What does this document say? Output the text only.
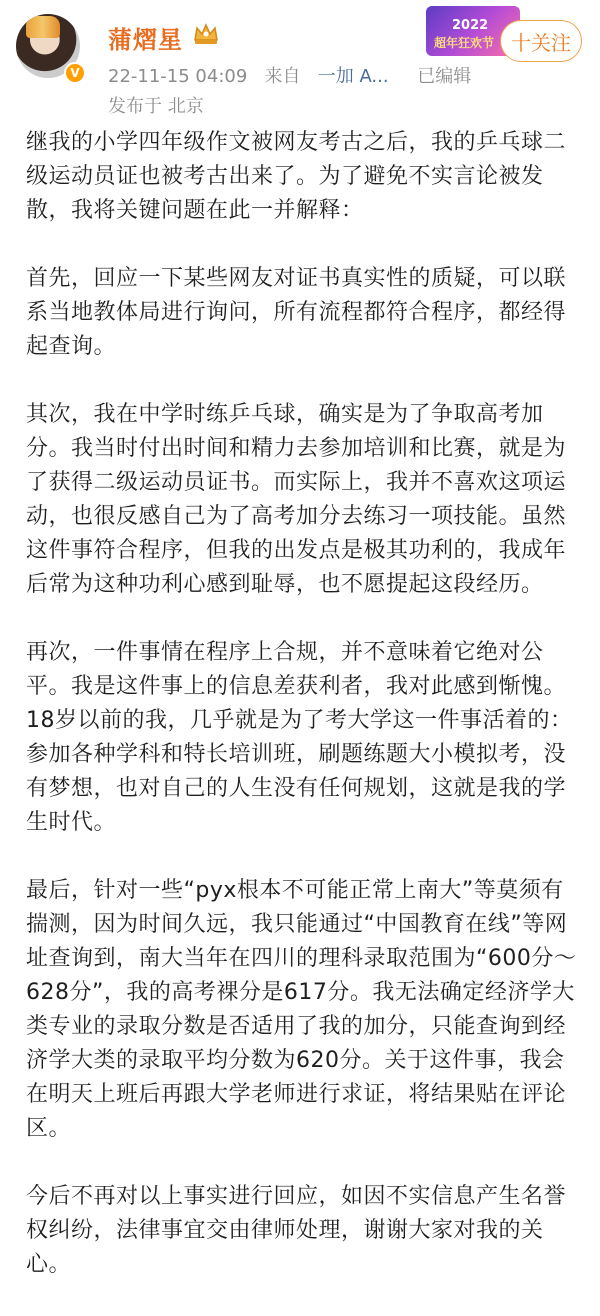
V
蒲熠星
22-11-15 04:09 来自 一加 A... 已编辑
发布于 北京
2022
超年狂欢节 十关注

继我的小学四年级作文被网友考古之后，我的乒乓球二级运动员证也被考古出来了。为了避免不实言论被发散，我将关键问题在此一并解释：

首先，回应一下某些网友对证书真实性的质疑，可以联系当地教体局进行询问，所有流程都符合程序，都经得起查询。

其次，我在中学时练乒乓球，确实是为了争取高考加分。我当时付出时间和精力去参加培训和比赛，就是为了获得二级运动员证书。而实际上，我并不喜欢这项运动，也很反感自己为了高考加分去练习一项技能。虽然这件事符合程序，但我的出发点是极其功利的，我成年后常为这种功利心感到耻辱，也不愿提起这段经历。

再次，一件事情在程序上合规，并不意味着它绝对公平。我是这件事上的信息差获利者，我对此感到惭愧。18岁以前的我，几乎就是为了考大学这一件事活着的：参加各种学科和特长培训班，刷题练题大小模拟考，没有梦想，也对自己的人生没有任何规划，这就是我的学生时代。

最后，针对一些“pyx根本不可能正常上南大”等莫须有揣测，因为时间久远，我只能通过“中国教育在线”等网址查询到，南大当年在四川的理科录取范围为“600分～628分”，我的高考裸分是617分。我无法确定经济学大类专业的录取分数是否适用了我的加分，只能查询到经济学大类的录取平均分数为620分。关于这件事，我会在明天上班后再跟大学老师进行求证，将结果贴在评论区。

今后不再对以上事实进行回应，如因不实信息产生名誉权纠纷，法律事宜交由律师处理，谢谢大家对我的关心。
